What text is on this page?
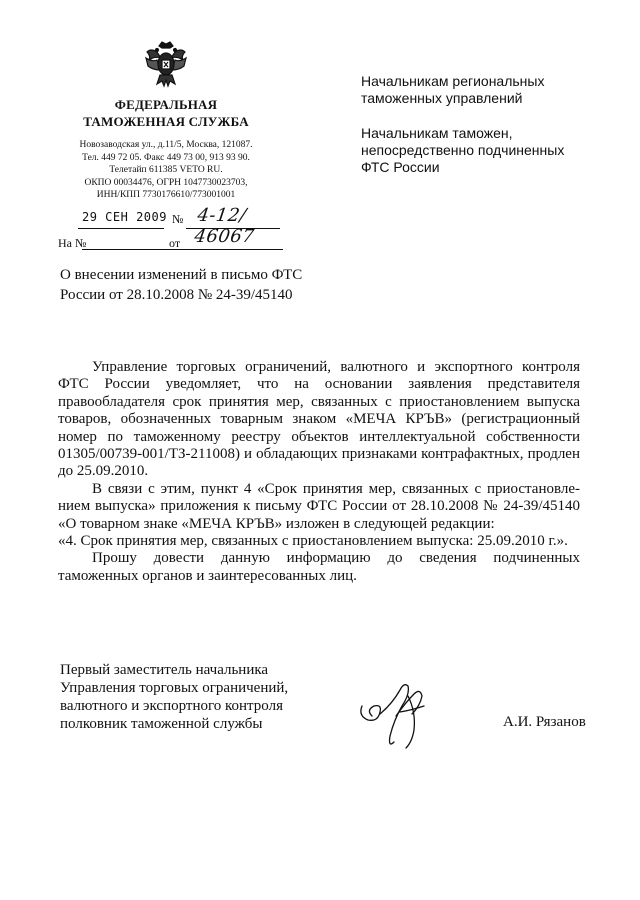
ФЕДЕРАЛЬНАЯ
ТАМОЖЕННАЯ СЛУЖБА
Новозаводская ул., д.11/5, Москва, 121087.
Тел. 449 72 05. Факс 449 73 00, 913 93 90.
Телетайп 611385 VETO RU.
ОКПО 00034476, ОГРН 1047730023703,
ИНН/КПП 7730176610/773001001
29 СЕН 2009 № 4-12/ 46067
На №	от
О внесении изменений в письмо ФТС
России от 28.10.2008 № 24-39/45140
Начальникам региональных
таможенных управлений
Начальникам таможен,
непосредственно подчиненных
ФТС России

Управление торговых ограничений, валютного и экспортного контроля ФТС России уведомляет, что на основании заявления представителя правообладателя срок принятия мер, связанных с приостановлением выпуска товаров, обозначенных товарным знаком «МЕЧА КРЪВ» (регистрационный номер по таможенному реестру объектов интеллектуальной собственности 01305/00739-001/ТЗ-211008) и обладающих признаками контрафактных, продлен до 25.09.2010.

В связи с этим, пункт 4 «Срок принятия мер, связанных с приостановле-нием выпуска» приложения к письму ФТС России от 28.10.2008 № 24-39/45140 «О товарном знаке «МЕЧА КРЪВ» изложен в следующей редакции:

«4. Срок принятия мер, связанных с приостановлением выпуска: 25.09.2010 г.».

Прошу довести данную информацию до сведения подчиненных таможенных органов и заинтересованных лиц.

Первый заместитель начальника
Управления торговых ограничений,
валютного и экспортного контроля
полковник таможенной службы	А.И. Рязанов
